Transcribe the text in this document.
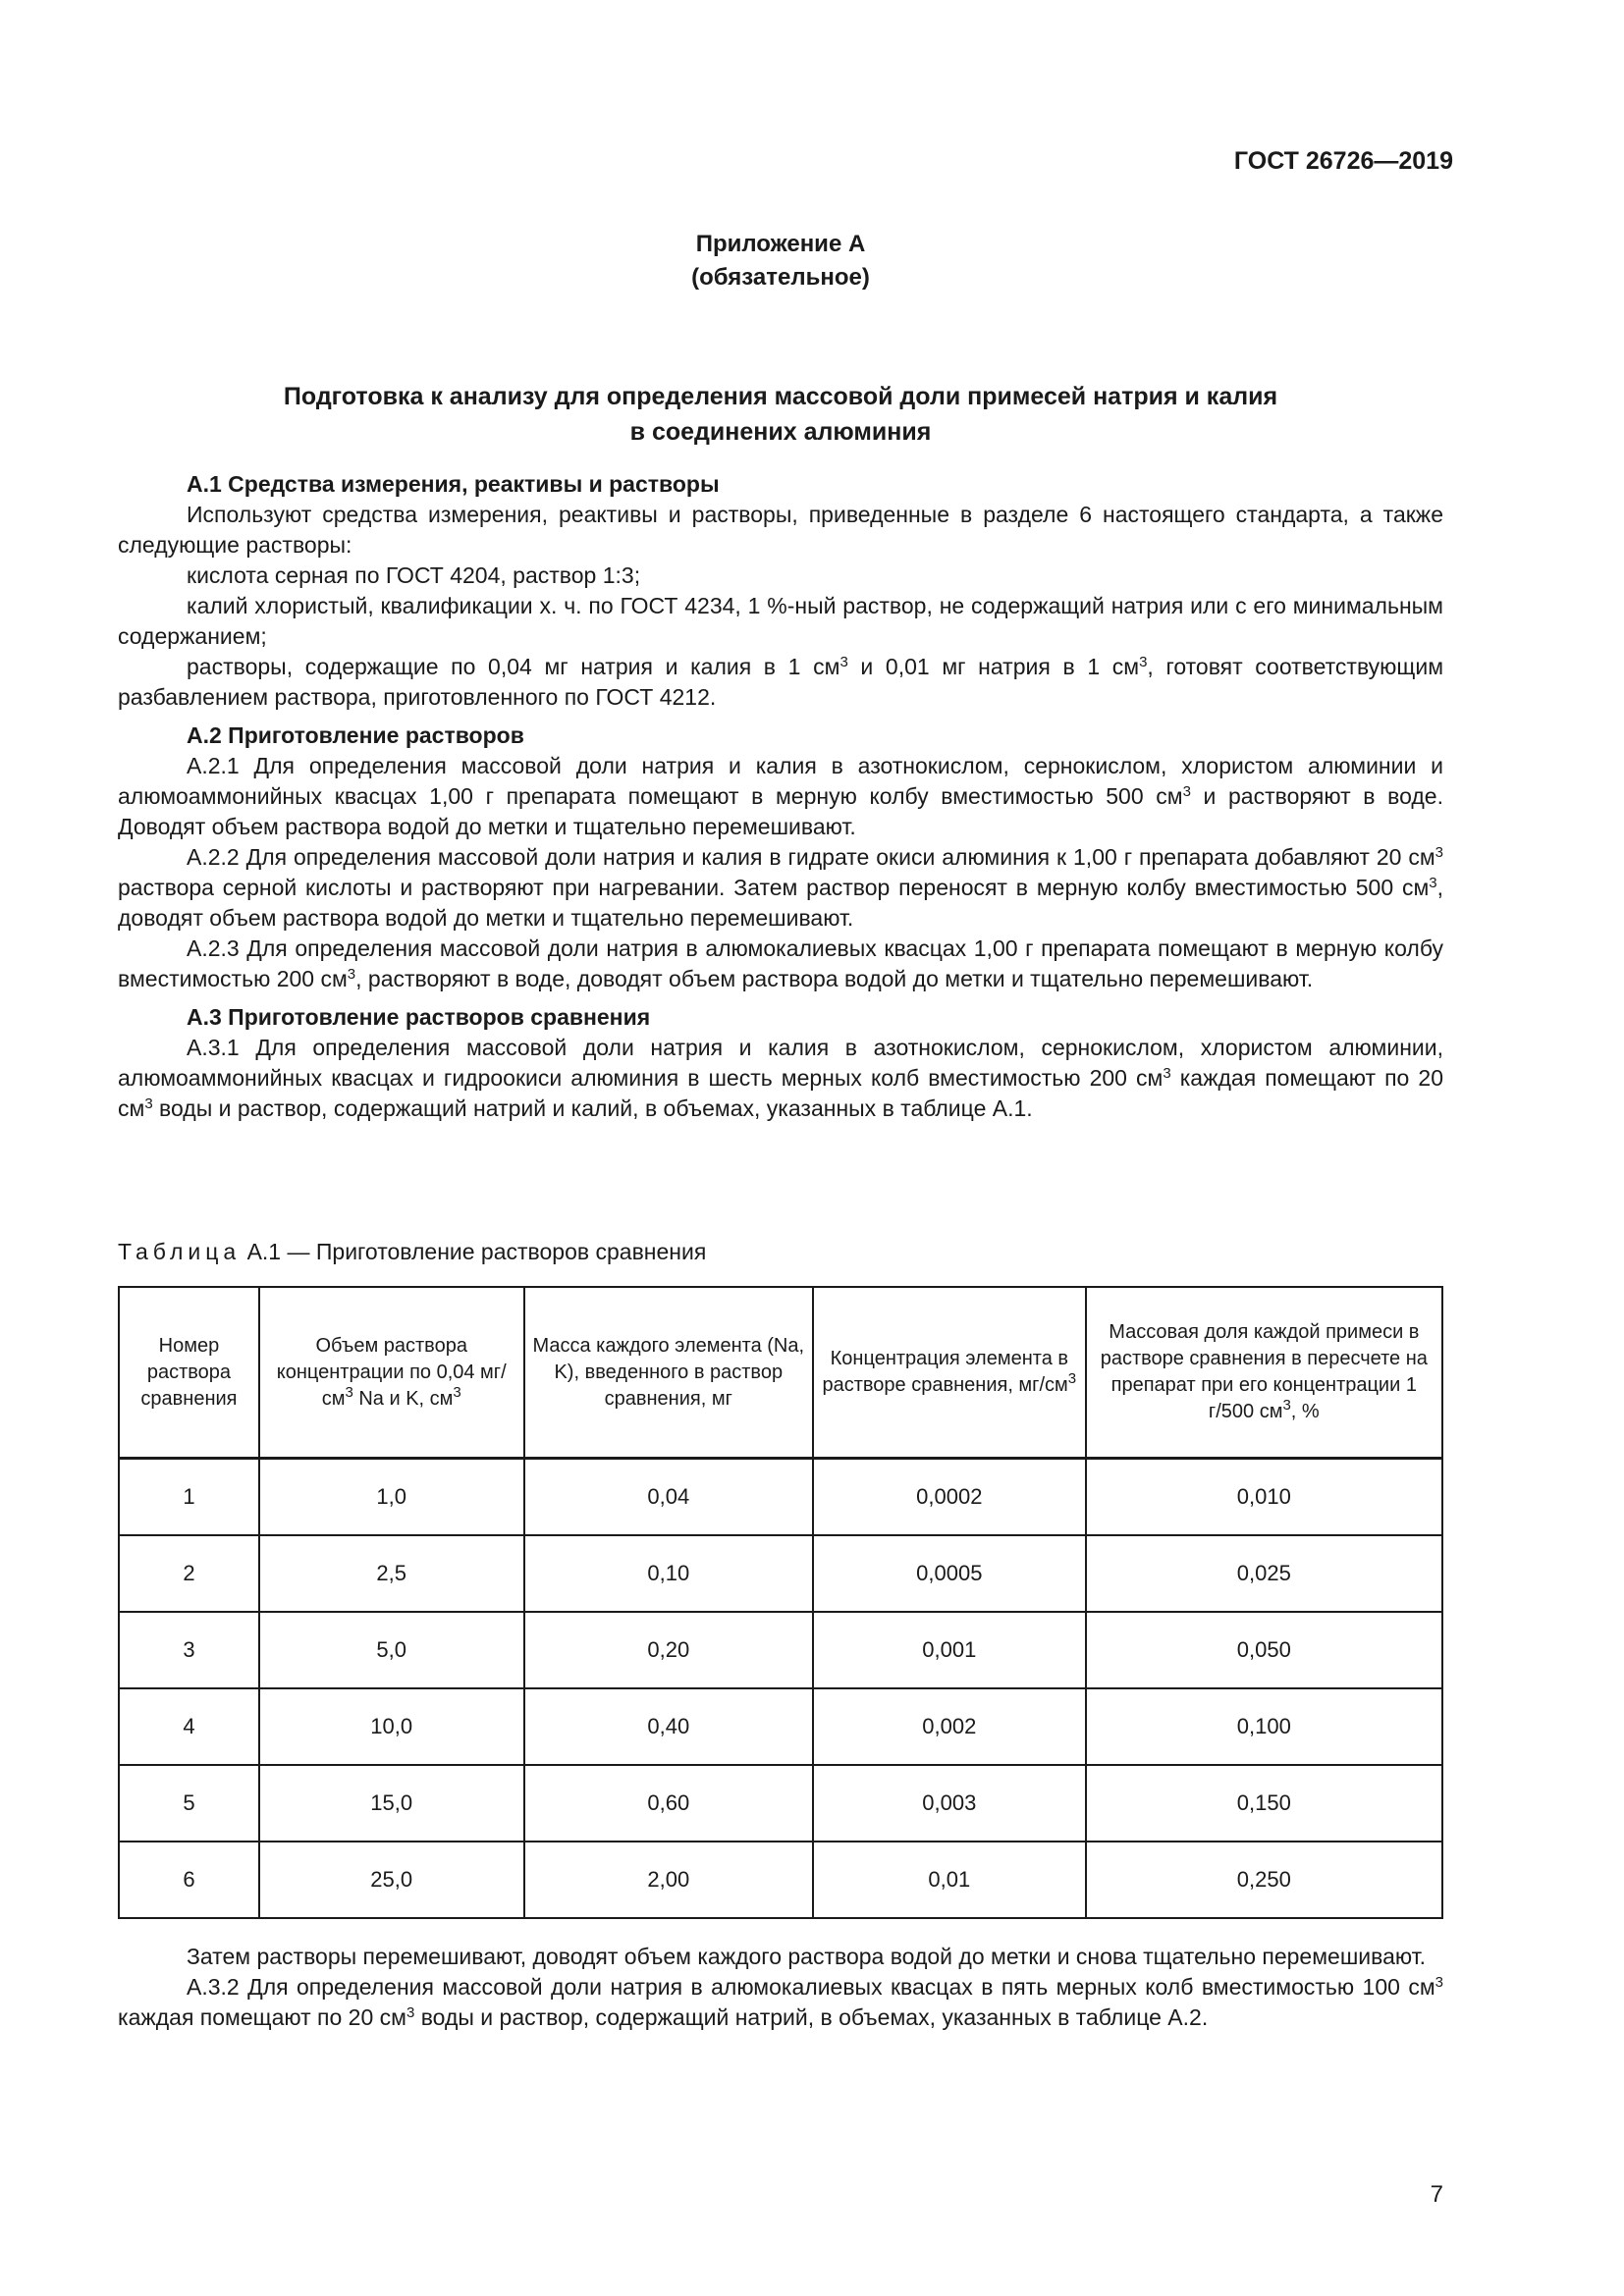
ГОСТ 26726—2019
Приложение А
(обязательное)
Подготовка к анализу для определения массовой доли примесей натрия и калия
в соединених алюминия

А.1 Средства измерения, реактивы и растворы

Используют средства измерения, реактивы и растворы, приведенные в разделе 6 настоящего стандарта, а также следующие растворы:

кислота серная по ГОСТ 4204, раствор 1:3;

калий хлористый, квалификации х. ч. по ГОСТ 4234, 1 %-ный раствор, не содержащий натрия или с его минимальным содержанием;

растворы, содержащие по 0,04 мг натрия и калия в 1 $см^3$ и 0,01 мг натрия в 1 $см^3$, готовят соответствующим разбавлением раствора, приготовленного по ГОСТ 4212.

А.2 Приготовление растворов

А.2.1 Для определения массовой доли натрия и калия в азотнокислом, сернокислом, хлористом алюминии и алюмоаммонийных квасцах 1,00 г препарата помещают в мерную колбу вместимостью 500 $см^3$ и растворяют в воде. Доводят объем раствора водой до метки и тщательно перемешивают.

А.2.2 Для определения массовой доли натрия и калия в гидрате окиси алюминия к 1,00 г препарата добавляют 20 $см^3$ раствора серной кислоты и растворяют при нагревании. Затем раствор переносят в мерную колбу вместимостью 500 $см^3$, доводят объем раствора водой до метки и тщательно перемешивают.

А.2.3 Для определения массовой доли натрия в алюмокалиевых квасцах 1,00 г препарата помещают в мерную колбу вместимостью 200 $см^3$, растворяют в воде, доводят объем раствора водой до метки и тщательно перемешивают.

А.3 Приготовление растворов сравнения

А.3.1 Для определения массовой доли натрия и калия в азотнокислом, сернокислом, хлористом алюминии, алюмоаммонийных квасцах и гидроокиси алюминия в шесть мерных колб вместимостью 200 $см^3$ каждая помещают по 20 $см^3$ воды и раствор, содержащий натрий и калий, в объемах, указанных в таблице А.1.

Таблица А.1 — Приготовление растворов сравнения
Номер раствора сравнения	Объем раствора концентрации по 0,04 $мг/см^3$ Na и K, $см^3$	Масса каждого элемента (Na, K), введенного в раствор сравнения, мг	Концентрация элемента в растворе сравнения, $мг/см^3$	Массовая доля каждой примеси в растворе сравнения в пересчете на препарат при его концентрации 1 г/500 $см^3$, %
1	1,0	0,04	0,0002	0,010
2	2,5	0,10	0,0005	0,025
3	5,0	0,20	0,001	0,050
4	10,0	0,40	0,002	0,100
5	15,0	0,60	0,003	0,150
6	25,0	2,00	0,01	0,250

Затем растворы перемешивают, доводят объем каждого раствора водой до метки и снова тщательно перемешивают.

А.3.2 Для определения массовой доли натрия в алюмокалиевых квасцах в пять мерных колб вместимостью 100 $см^3$ каждая помещают по 20 $см^3$ воды и раствор, содержащий натрий, в объемах, указанных в таблице А.2.

7
